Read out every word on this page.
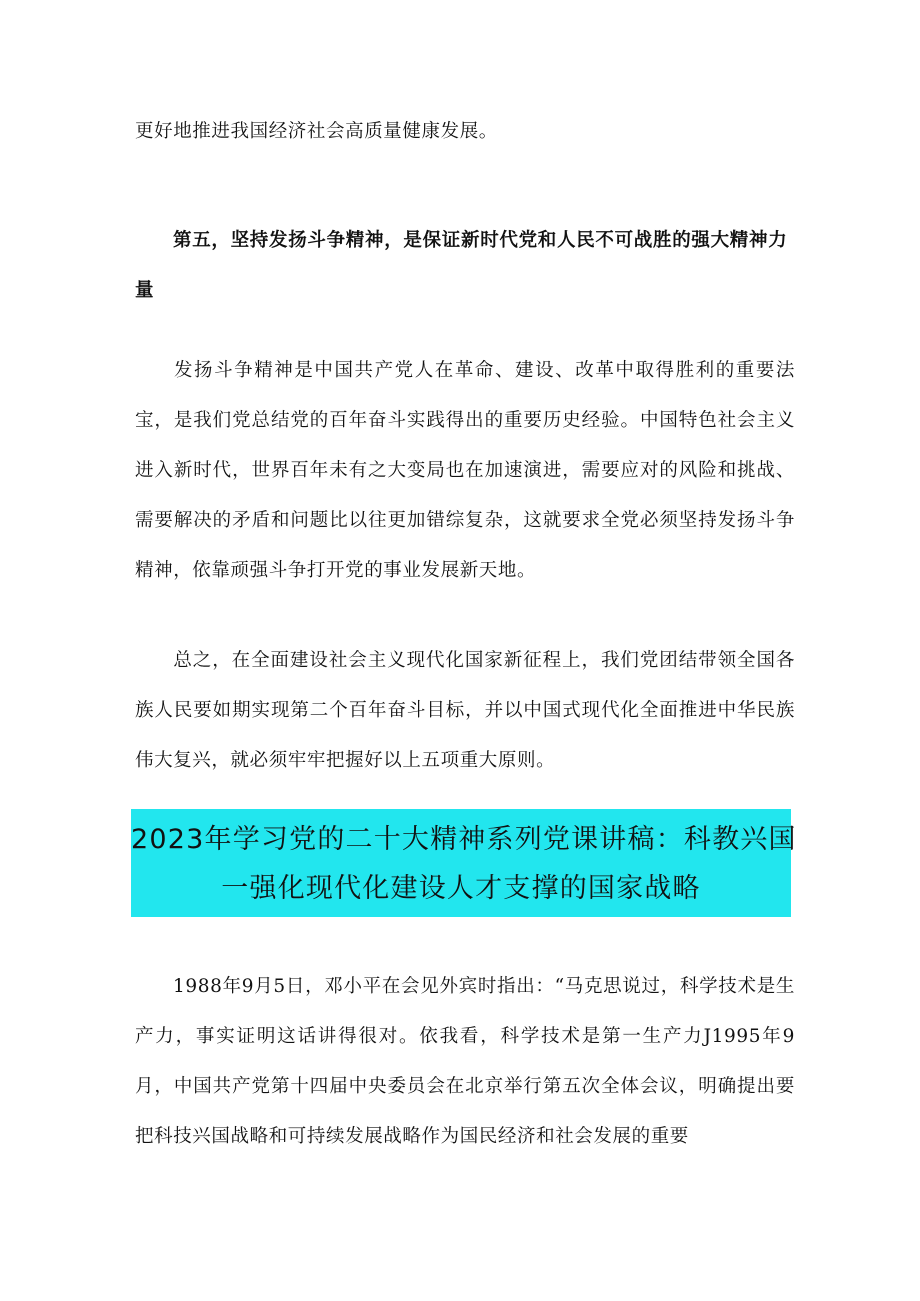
更好地推进我国经济社会高质量健康发展。
第五，坚持发扬斗争精神，是保证新时代党和人民不可战胜的强大精神力量
发扬斗争精神是中国共产党人在革命、建设、改革中取得胜利的重要法宝，是我们党总结党的百年奋斗实践得出的重要历史经验。中国特色社会主义进入新时代，世界百年未有之大变局也在加速演进，需要应对的风险和挑战、需要解决的矛盾和问题比以往更加错综复杂，这就要求全党必须坚持发扬斗争精神，依靠顽强斗争打开党的事业发展新天地。
总之，在全面建设社会主义现代化国家新征程上，我们党团结带领全国各族人民要如期实现第二个百年奋斗目标，并以中国式现代化全面推进中华民族伟大复兴，就必须牢牢把握好以上五项重大原则。
1988年9月5日，邓小平在会见外宾时指出：“马克思说过，科学技术是生产力，事实证明这话讲得很对。依我看，科学技术是第一生产力J1995年9月，中国共产党第十四届中央委员会在北京举行第五次全体会议，明确提出要把科技兴国战略和可持续发展战略作为国民经济和社会发展的重要
2023年学习党的二十大精神系列党课讲稿：科教兴国
一强化现代化建设人才支撑的国家战略
